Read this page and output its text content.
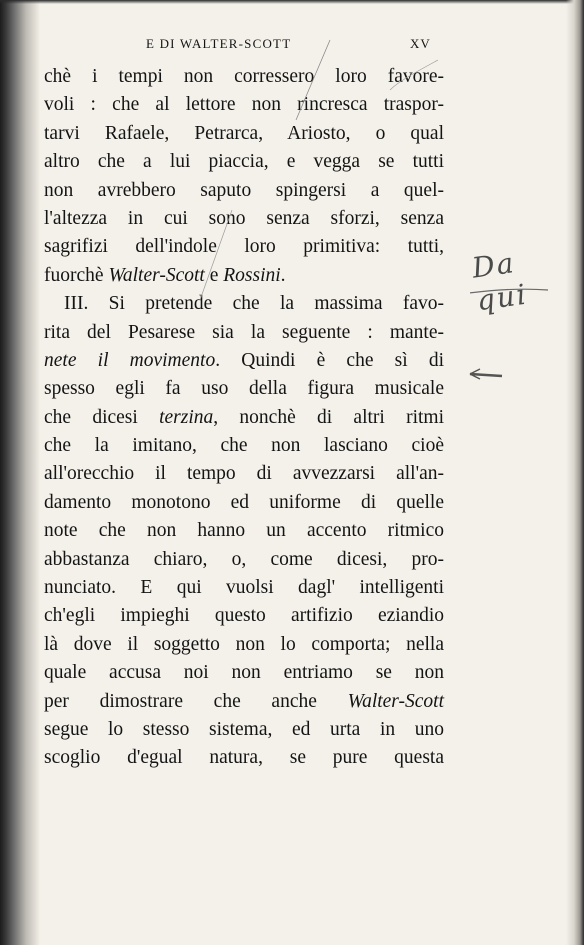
E DI WALTER-SCOTT	XV
chè i tempi non corressero loro favore-
voli : che al lettore non rincresca traspor-
tarvi Rafaele, Petrarca, Ariosto, o qual
altro che a lui piaccia, e vegga se tutti
non avrebbero saputo spingersi a quel-
l'altezza in cui sono senza sforzi, senza
sagrifizi dell'indole loro primitiva: tutti,
fuorchè Walter-Scott e Rossini.
III. Si pretende che la massima favo-
rita del Pesarese sia la seguente : mante-
nete il movimento. Quindi è che sì di
spesso egli fa uso della figura musicale
che dicesi terzina, nonchè di altri ritmi
che la imitano, che non lasciano cioè
all'orecchio il tempo di avvezzarsi all'an-
damento monotono ed uniforme di quelle
note che non hanno un accento ritmico
abbastanza chiaro, o, come dicesi, pro-
nunciato. E qui vuolsi dagl' intelligenti
ch'egli impieghi questo artifizio eziandio
là dove il soggetto non lo comporta; nella
quale accusa noi non entriamo se non
per dimostrare che anche Walter-Scott
segue lo stesso sistema, ed urta in uno
scoglio d'egual natura, se pure questa
Da qui
